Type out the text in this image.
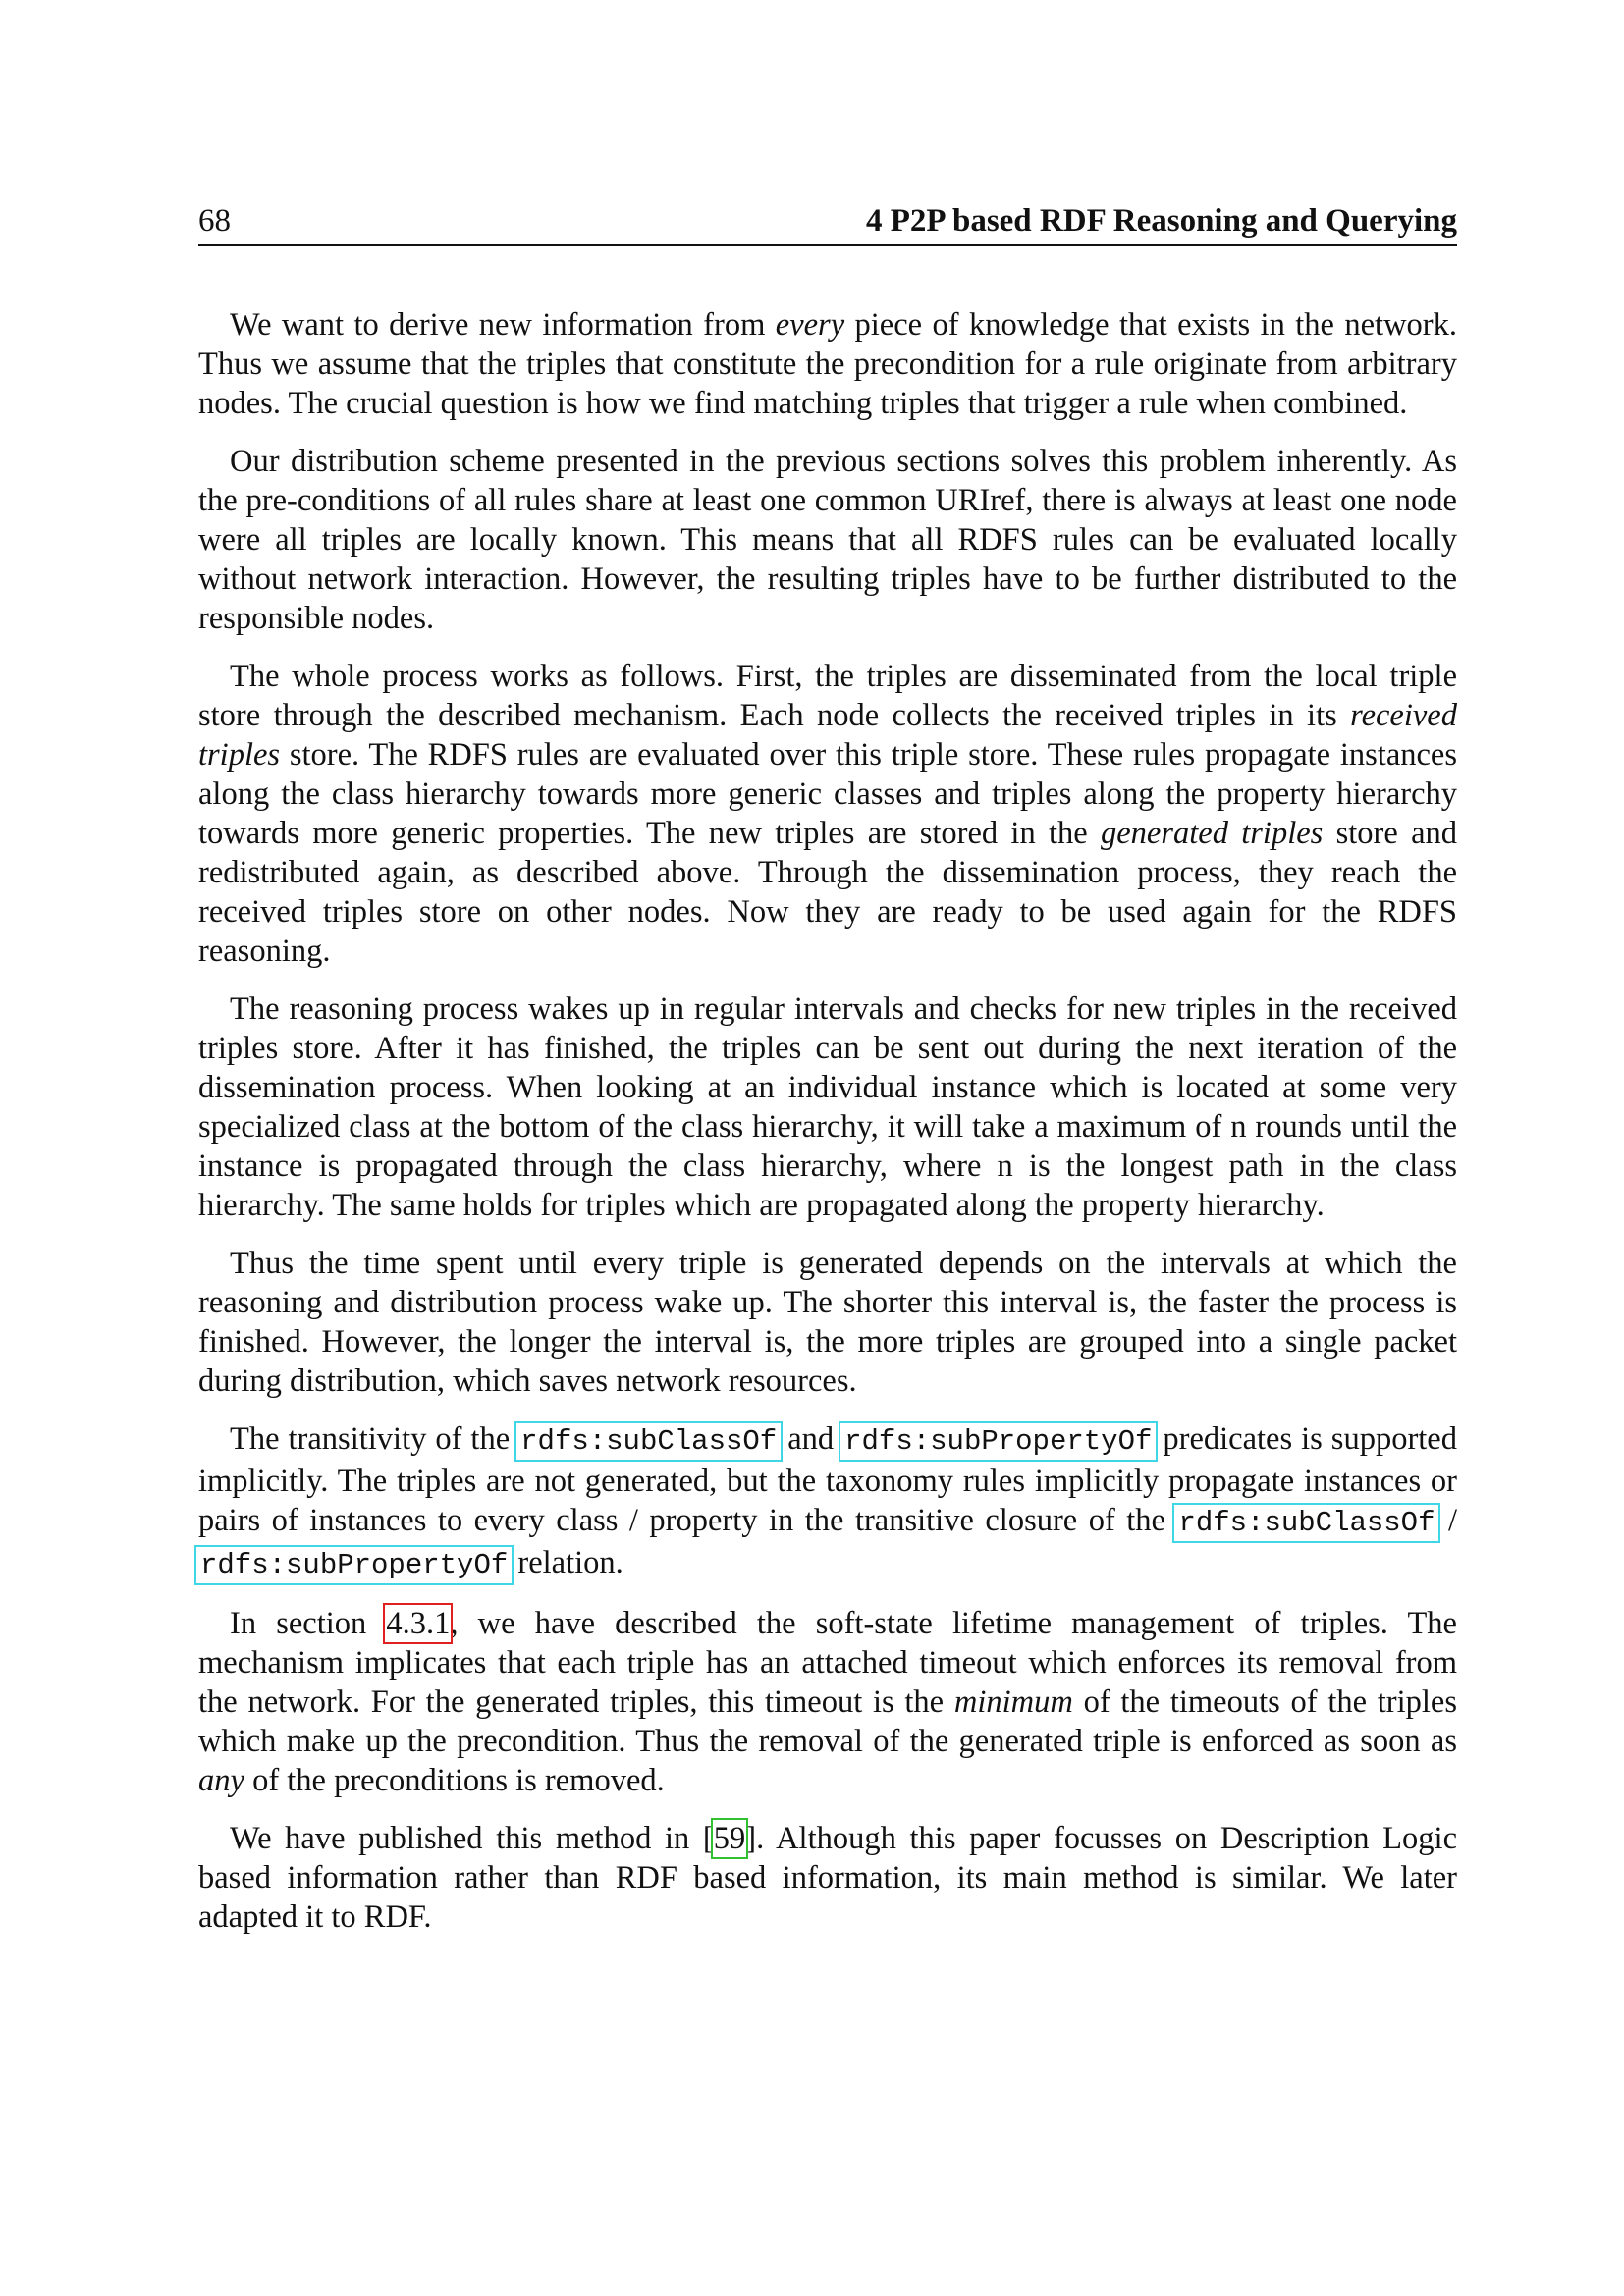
68	4 P2P based RDF Reasoning and Querying

We want to derive new information from every piece of knowledge that exists in the network. Thus we assume that the triples that constitute the precondition for a rule originate from arbitrary nodes. The crucial question is how we find matching triples that trigger a rule when combined.

Our distribution scheme presented in the previous sections solves this problem inherently. As the pre-conditions of all rules share at least one common URIref, there is always at least one node were all triples are locally known. This means that all RDFS rules can be evaluated locally without network interaction. However, the resulting triples have to be further distributed to the responsible nodes.

The whole process works as follows. First, the triples are disseminated from the local triple store through the described mechanism. Each node collects the received triples in its received triples store. The RDFS rules are evaluated over this triple store. These rules propagate instances along the class hierarchy towards more generic classes and triples along the property hierarchy towards more generic properties. The new triples are stored in the generated triples store and redistributed again, as described above. Through the dissemination process, they reach the received triples store on other nodes. Now they are ready to be used again for the RDFS reasoning.

The reasoning process wakes up in regular intervals and checks for new triples in the received triples store. After it has finished, the triples can be sent out during the next iteration of the dissemination process. When looking at an individual instance which is located at some very specialized class at the bottom of the class hierarchy, it will take a maximum of n rounds until the instance is propagated through the class hierarchy, where n is the longest path in the class hierarchy. The same holds for triples which are propagated along the property hierarchy.

Thus the time spent until every triple is generated depends on the intervals at which the reasoning and distribution process wake up. The shorter this interval is, the faster the process is finished. However, the longer the interval is, the more triples are grouped into a single packet during distribution, which saves network resources.

The transitivity of the rdfs:subClassOf and rdfs:subPropertyOf predicates is supported implicitly. The triples are not generated, but the taxonomy rules implicitly propagate instances or pairs of instances to every class / property in the transitive closure of the rdfs:subClassOf / rdfs:subPropertyOf relation.

In section 4.3.1, we have described the soft-state lifetime management of triples. The mechanism implicates that each triple has an attached timeout which enforces its removal from the network. For the generated triples, this timeout is the minimum of the timeouts of the triples which make up the precondition. Thus the removal of the generated triple is enforced as soon as any of the preconditions is removed.

We have published this method in [59]. Although this paper focusses on Description Logic based information rather than RDF based information, its main method is similar. We later adapted it to RDF.
